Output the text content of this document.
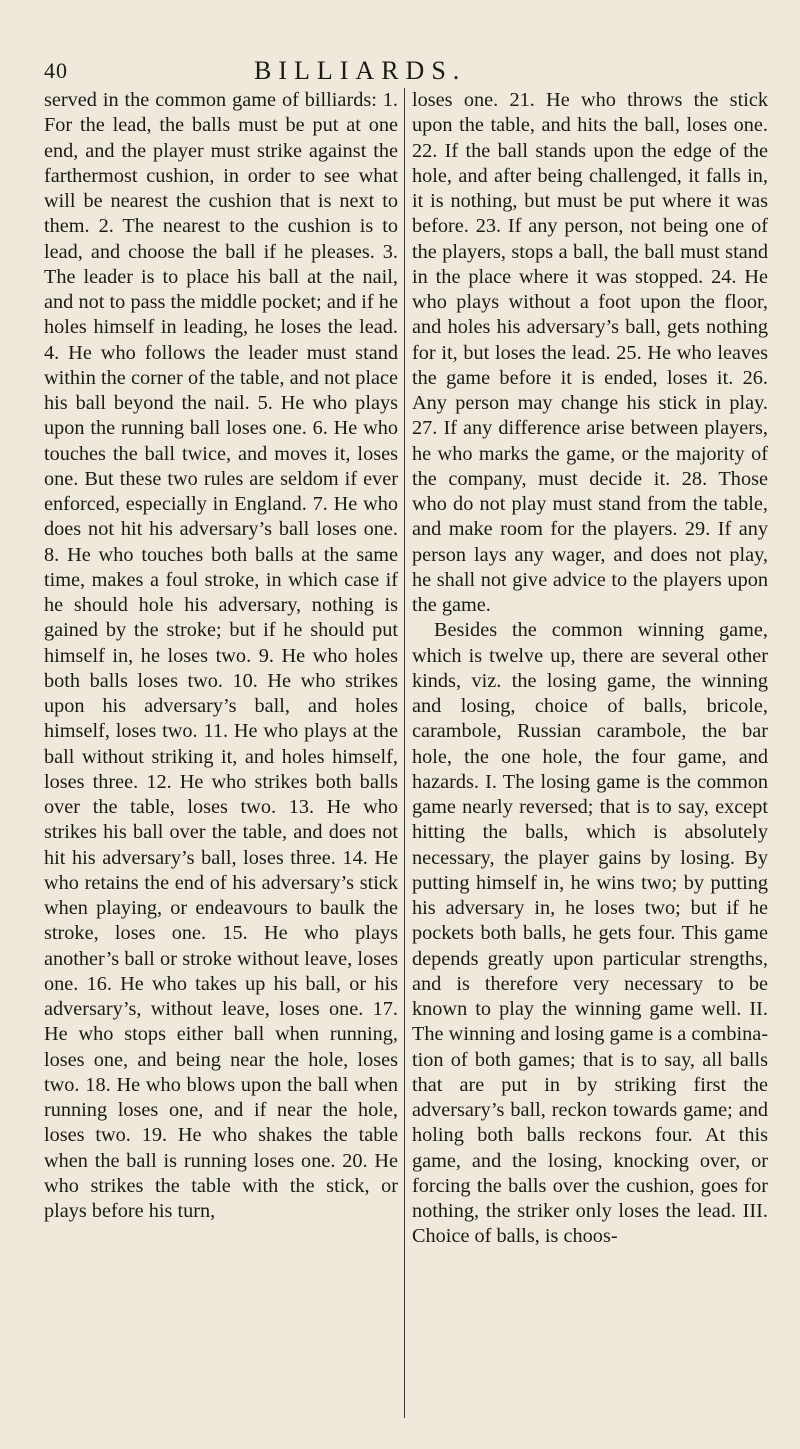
40	BILLIARDS.

served in the common game of billiards: 1. For the lead, the balls must be put at one end, and the player must strike against the farthermost cushion, in order to see what will be nearest the cushion that is next to them. 2. The nearest to the cushion is to lead, and choose the ball if he pleases. 3. The leader is to place his ball at the nail, and not to pass the middle pocket; and if he holes himself in leading, he loses the lead. 4. He who follows the leader must stand within the corner of the table, and not place his ball beyond the nail. 5. He who plays upon the running ball loses one. 6. He who touches the ball twice, and moves it, loses one. But these two rules are seldom if ever enforced, especially in England. 7. He who does not hit his adversary’s ball loses one. 8. He who touches both balls at the same time, makes a foul stroke, in which case if he should hole his adversary, nothing is gained by the stroke; but if he should put himself in, he loses two. 9. He who holes both balls loses two. 10. He who strikes upon his adversary’s ball, and holes himself, loses two. 11. He who plays at the ball without striking it, and holes himself, loses three. 12. He who strikes both balls over the table, loses two. 13. He who strikes his ball over the table, and does not hit his adversary’s ball, loses three. 14. He who retains the end of his adversary’s stick when playing, or endeavours to baulk the stroke, loses one. 15. He who plays another’s ball or stroke without leave, loses one. 16. He who takes up his ball, or his adversary’s, without leave, loses one. 17. He who stops either ball when running, loses one, and being near the hole, loses two. 18. He who blows upon the ball when running loses one, and if near the hole, loses two. 19. He who shakes the table when the ball is running loses one. 20. He who strikes the table with the stick, or plays before his turn,

loses one. 21. He who throws the stick upon the table, and hits the ball, loses one. 22. If the ball stands upon the edge of the hole, and after being challenged, it falls in, it is nothing, but must be put where it was before. 23. If any person, not being one of the players, stops a ball, the ball must stand in the place where it was stopped. 24. He who plays without a foot upon the floor, and holes his adversary’s ball, gets nothing for it, but loses the lead. 25. He who leaves the game before it is ended, loses it. 26. Any person may change his stick in play. 27. If any difference arise between players, he who marks the game, or the majority of the company, must decide it. 28. Those who do not play must stand from the table, and make room for the players. 29. If any person lays any wager, and does not play, he shall not give advice to the players upon the game.

Besides the common winning game, which is twelve up, there are several other kinds, viz. the losing game, the winning and losing, choice of balls, bricole, carambole, Russian carambole, the bar hole, the one hole, the four game, and hazards. I. The losing game is the common game nearly reversed; that is to say, except hitting the balls, which is absolutely necessary, the player gains by losing. By putting himself in, he wins two; by putting his adversary in, he loses two; but if he pockets both balls, he gets four. This game depends greatly upon particular strengths, and is therefore very necessary to be known to play the winning game well. II. The winning and losing game is a combination of both games; that is to say, all balls that are put in by striking first the adversary’s ball, reckon towards game; and holing both balls reckons four. At this game, and the losing, knocking over, or forcing the balls over the cushion, goes for nothing, the striker only loses the lead. III. Choice of balls, is choos-
